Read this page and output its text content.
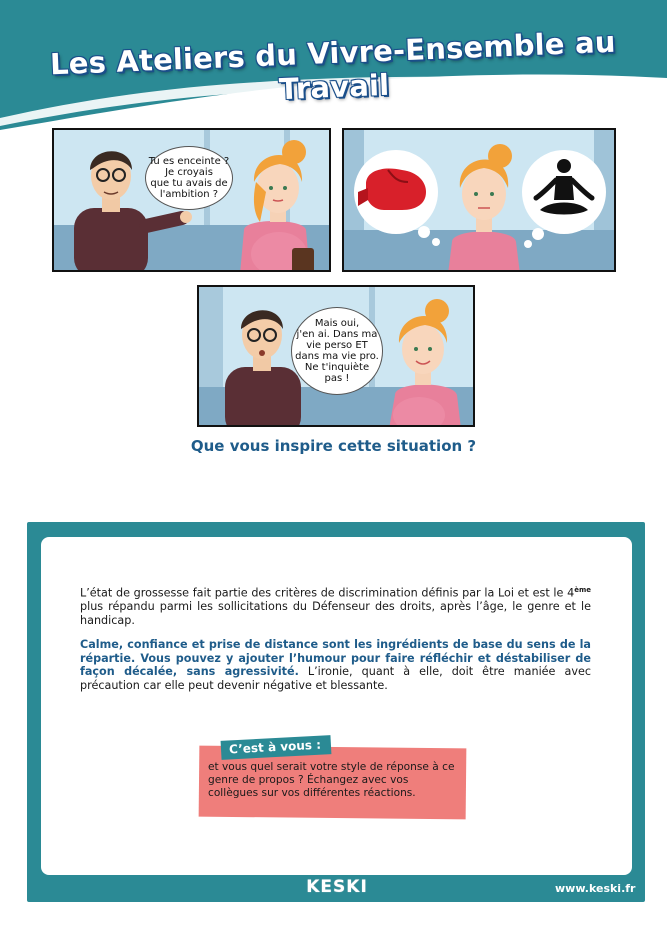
Les Ateliers du Vivre-Ensemble au Travail
Tu es enceinte ?
Je croyais
que tu avais de
l'ambition ?
Mais oui,
j'en ai. Dans ma
vie perso ET
dans ma vie pro.
Ne t'inquiète
pas !
Que vous inspire cette situation ?
L’état de grossesse fait partie des critères de discrimination définis par la Loi et est le 4ème plus répandu parmi les sollicitations du Défenseur des droits, après l’âge, le genre et le handicap.
Calme, confiance et prise de distance sont les ingrédients de base du sens de la répartie. Vous pouvez y ajouter l’humour pour faire réfléchir et déstabiliser de façon décalée, sans agressivité. L’ironie, quant à elle, doit être maniée avec précaution car elle peut devenir négative et blessante.
C’est à vous :
et vous quel serait votre style de réponse à ce genre de propos ? Échangez avec vos collègues sur vos différentes réactions.
KESKI	www.keski.fr
